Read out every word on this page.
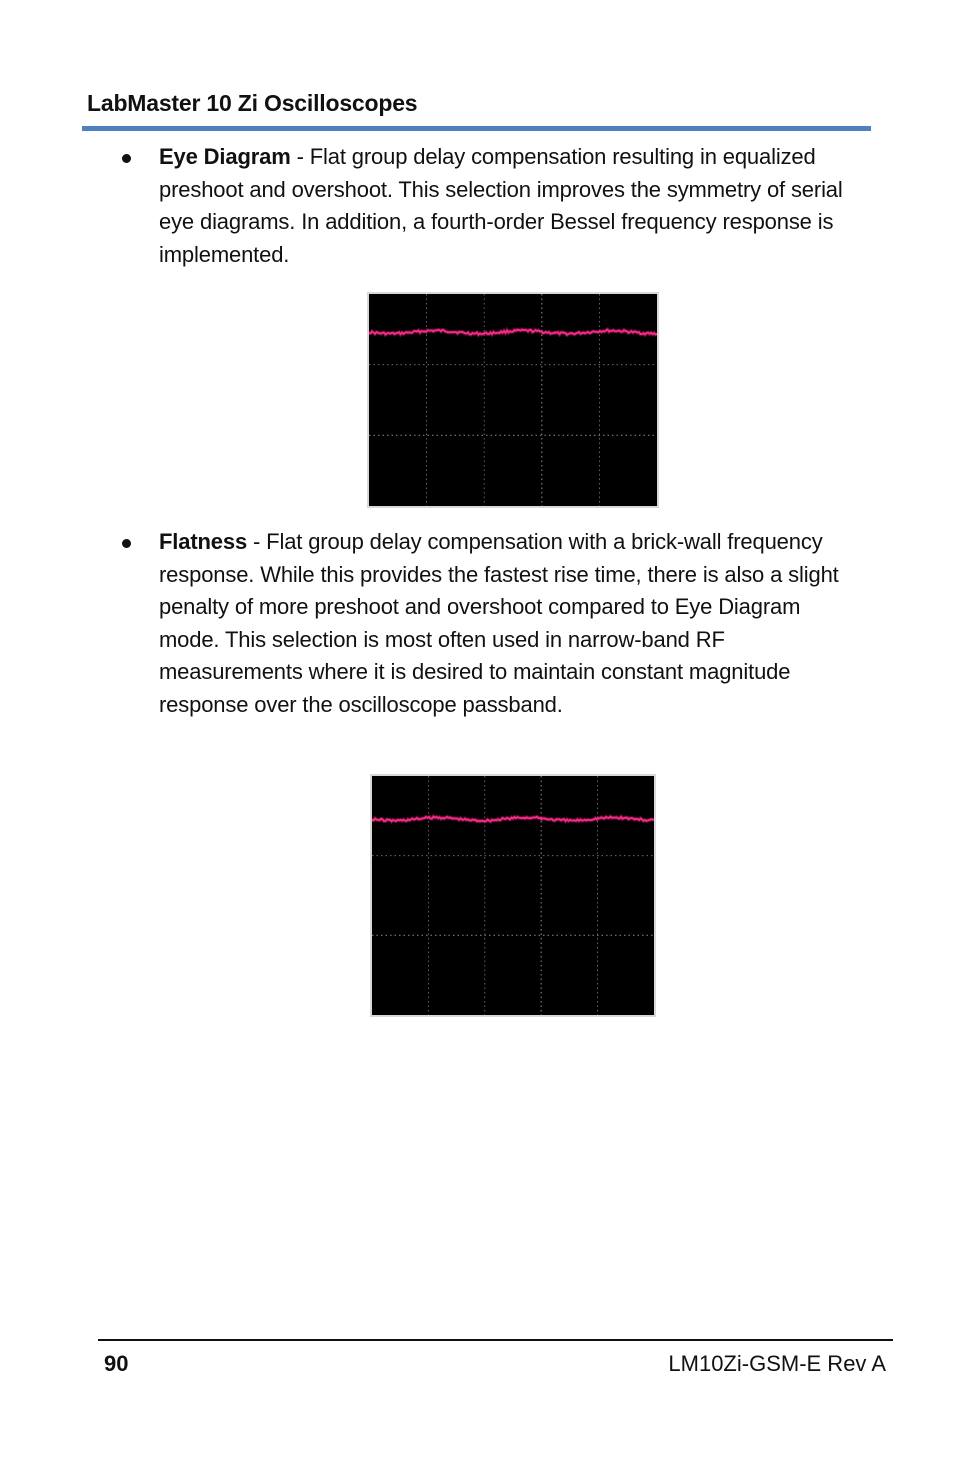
LabMaster 10 Zi Oscilloscopes
Eye Diagram - Flat group delay compensation resulting in equalized preshoot and overshoot. This selection improves the symmetry of serial eye diagrams. In addition, a fourth-order Bessel frequency response is implemented.
Flatness - Flat group delay compensation with a brick-wall frequency response. While this provides the fastest rise time, there is also a slight penalty of more preshoot and overshoot compared to Eye Diagram mode. This selection is most often used in narrow-band RF measurements where it is desired to maintain constant magnitude response over the oscilloscope passband.
90	LM10Zi-GSM-E Rev A
